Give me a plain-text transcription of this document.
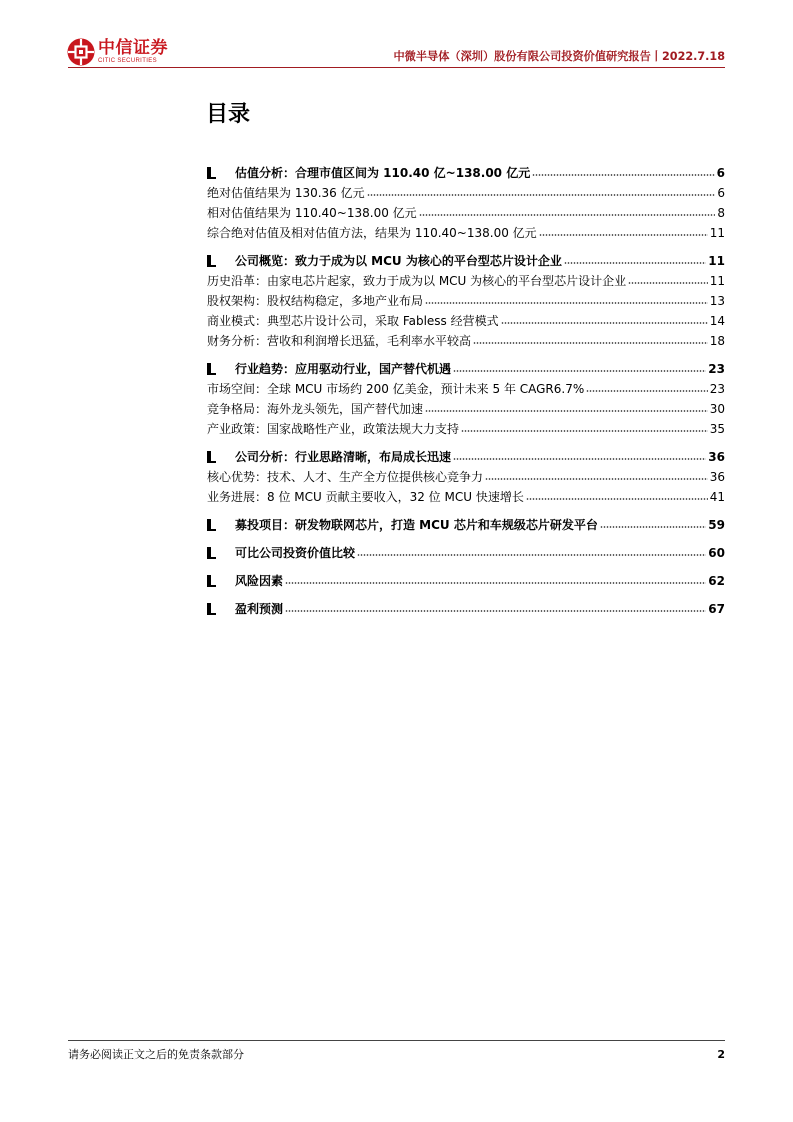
中信证券
CITIC SECURITIES	中微半导体（深圳）股份有限公司投资价值研究报告丨2022.7.18
目录
估值分析：合理市值区间为 110.40 亿~138.00 亿元	6
绝对估值结果为 130.36 亿元	6
相对估值结果为 110.40~138.00 亿元	8
综合绝对估值及相对估值方法，结果为 110.40~138.00 亿元	11
公司概览：致力于成为以 MCU 为核心的平台型芯片设计企业	11
历史沿革：由家电芯片起家，致力于成为以 MCU 为核心的平台型芯片设计企业	11
股权架构：股权结构稳定，多地产业布局	13
商业模式：典型芯片设计公司，采取 Fabless 经营模式	14
财务分析：营收和利润增长迅猛，毛利率水平较高	18
行业趋势：应用驱动行业，国产替代机遇	23
市场空间：全球 MCU 市场约 200 亿美金，预计未来 5 年 CAGR6.7%	23
竞争格局：海外龙头领先，国产替代加速	30
产业政策：国家战略性产业，政策法规大力支持	35
公司分析：行业思路清晰，布局成长迅速	36
核心优势：技术、人才、生产全方位提供核心竞争力	36
业务进展：8 位 MCU 贡献主要收入，32 位 MCU 快速增长	41
募投项目：研发物联网芯片，打造 MCU 芯片和车规级芯片研发平台	59
可比公司投资价值比较	60
风险因素	62
盈利预测	67
请务必阅读正文之后的免责条款部分	2
